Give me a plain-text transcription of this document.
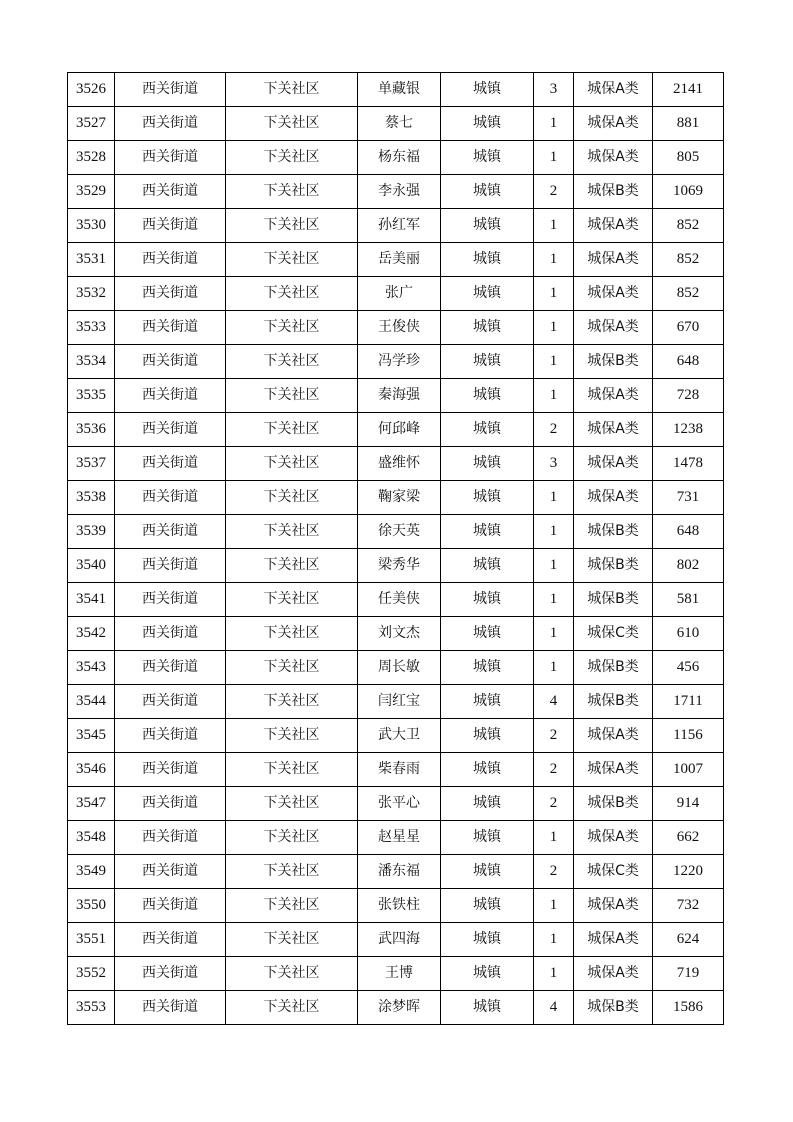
3526	西关街道	下关社区	单藏银	城镇	3	城保A类	2141
3527	西关街道	下关社区	蔡七	城镇	1	城保A类	881
3528	西关街道	下关社区	杨东福	城镇	1	城保A类	805
3529	西关街道	下关社区	李永强	城镇	2	城保B类	1069
3530	西关街道	下关社区	孙红军	城镇	1	城保A类	852
3531	西关街道	下关社区	岳美丽	城镇	1	城保A类	852
3532	西关街道	下关社区	张广	城镇	1	城保A类	852
3533	西关街道	下关社区	王俊侠	城镇	1	城保A类	670
3534	西关街道	下关社区	冯学珍	城镇	1	城保B类	648
3535	西关街道	下关社区	秦海强	城镇	1	城保A类	728
3536	西关街道	下关社区	何邱峰	城镇	2	城保A类	1238
3537	西关街道	下关社区	盛维怀	城镇	3	城保A类	1478
3538	西关街道	下关社区	鞠家梁	城镇	1	城保A类	731
3539	西关街道	下关社区	徐天英	城镇	1	城保B类	648
3540	西关街道	下关社区	梁秀华	城镇	1	城保B类	802
3541	西关街道	下关社区	任美侠	城镇	1	城保B类	581
3542	西关街道	下关社区	刘文杰	城镇	1	城保C类	610
3543	西关街道	下关社区	周长敏	城镇	1	城保B类	456
3544	西关街道	下关社区	闫红宝	城镇	4	城保B类	1711
3545	西关街道	下关社区	武大卫	城镇	2	城保A类	1156
3546	西关街道	下关社区	柴春雨	城镇	2	城保A类	1007
3547	西关街道	下关社区	张平心	城镇	2	城保B类	914
3548	西关街道	下关社区	赵星星	城镇	1	城保A类	662
3549	西关街道	下关社区	潘东福	城镇	2	城保C类	1220
3550	西关街道	下关社区	张铁柱	城镇	1	城保A类	732
3551	西关街道	下关社区	武四海	城镇	1	城保A类	624
3552	西关街道	下关社区	王博	城镇	1	城保A类	719
3553	西关街道	下关社区	涂梦晖	城镇	4	城保B类	1586
